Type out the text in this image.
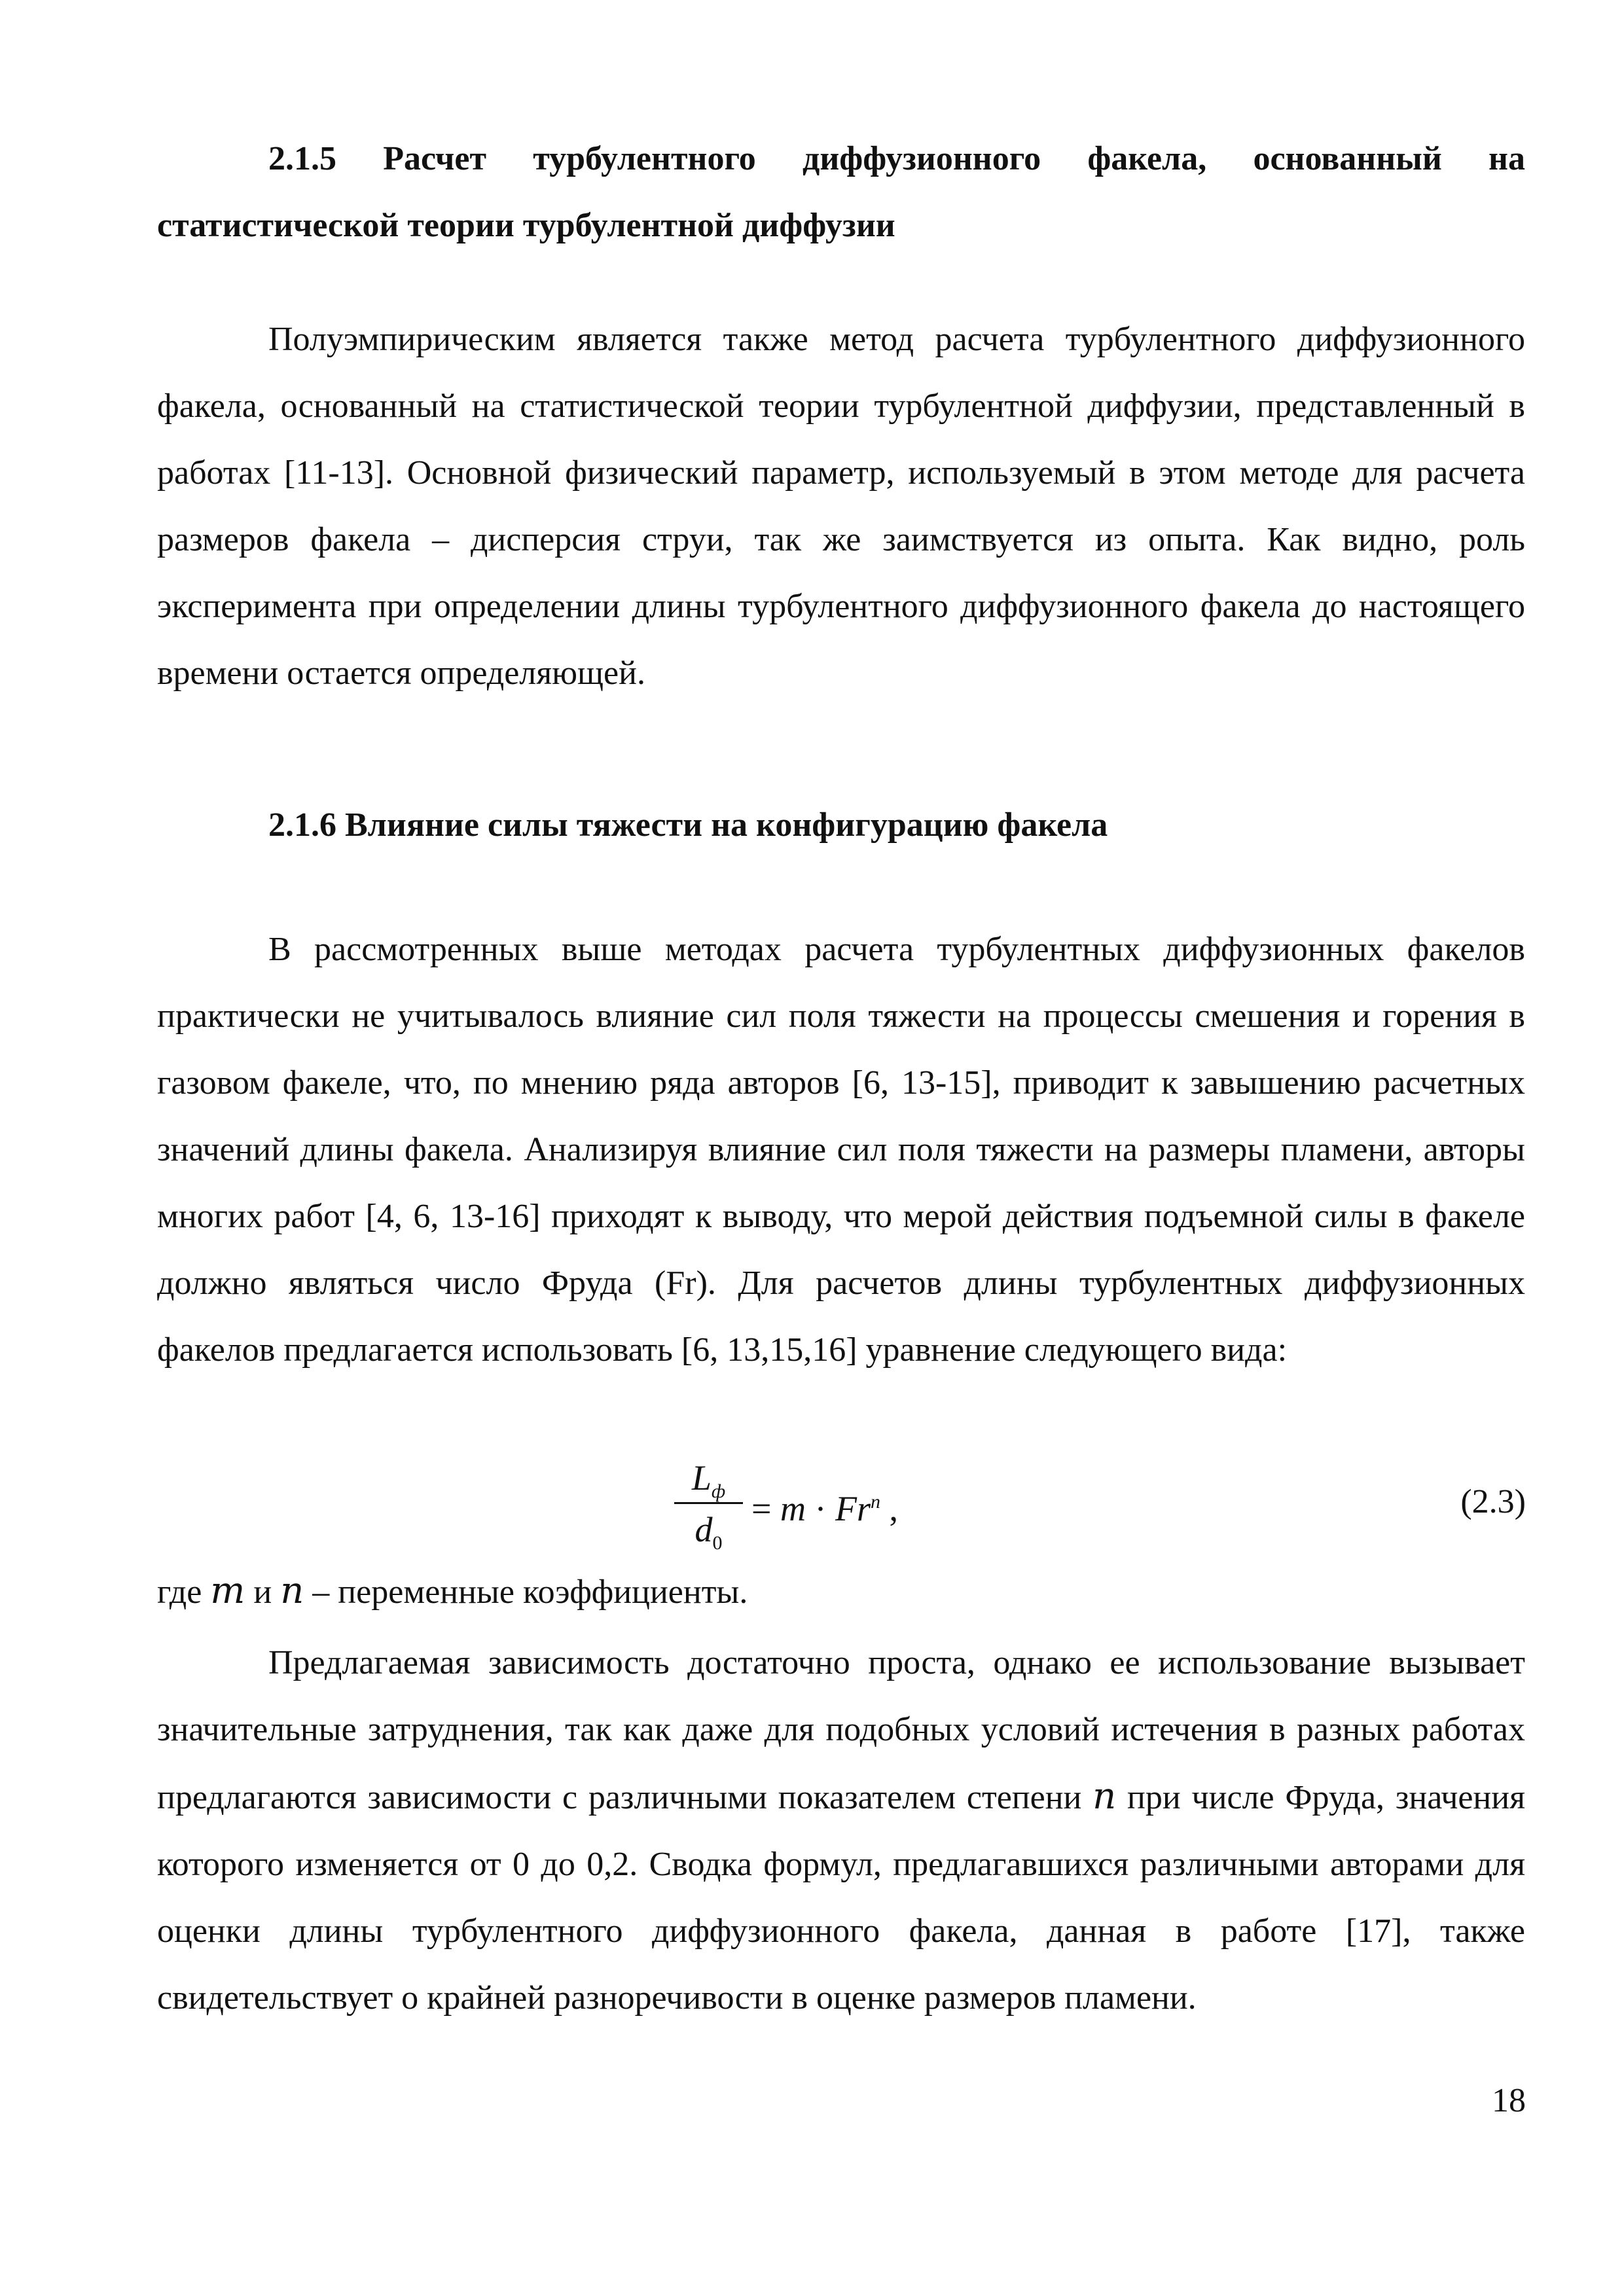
2.1.5 Расчет турбулентного диффузионного факела, основанный на статистической теории турбулентной диффузии

Полуэмпирическим является также метод расчета турбулентного диффузионного факела, основанный на статистической теории турбулентной диффузии, представленный в работах [11-13]. Основной физический параметр, используемый в этом методе для расчета размеров факела – дисперсия струи, так же заимствуется из опыта. Как видно, роль эксперимента при определении длины турбулентного диффузионного факела до настоящего времени остается определяющей.

2.1.6 Влияние силы тяжести на конфигурацию факела

В рассмотренных выше методах расчета турбулентных диффузионных факелов практически не учитывалось влияние сил поля тяжести на процессы смешения и горения в газовом факеле, что, по мнению ряда авторов [6, 13-15], приводит к завышению расчетных значений длины факела. Анализируя влияние сил поля тяжести на размеры пламени, авторы многих работ [4, 6, 13-16] приходят к выводу, что мерой действия подъемной силы в факеле должно являться число Фруда (Fr). Для расчетов длины турбулентных диффузионных факелов предлагается использовать [6, 13,15,16] уравнение следующего вида:

$L_ф$
$d_0$
= $m \cdot Fr^n$ ,	(2.3)
где m и n – переменные коэффициенты.

Предлагаемая зависимость достаточно проста, однако ее использование вызывает значительные затруднения, так как даже для подобных условий истечения в разных работах предлагаются зависимости с различными показателем степени n при числе Фруда, значения которого изменяется от 0 до 0,2. Сводка формул, предлагавшихся различными авторами для оценки длины турбулентного диффузионного факела, данная в работе [17], также свидетельствует о крайней разноречивости в оценке размеров пламени.

18
